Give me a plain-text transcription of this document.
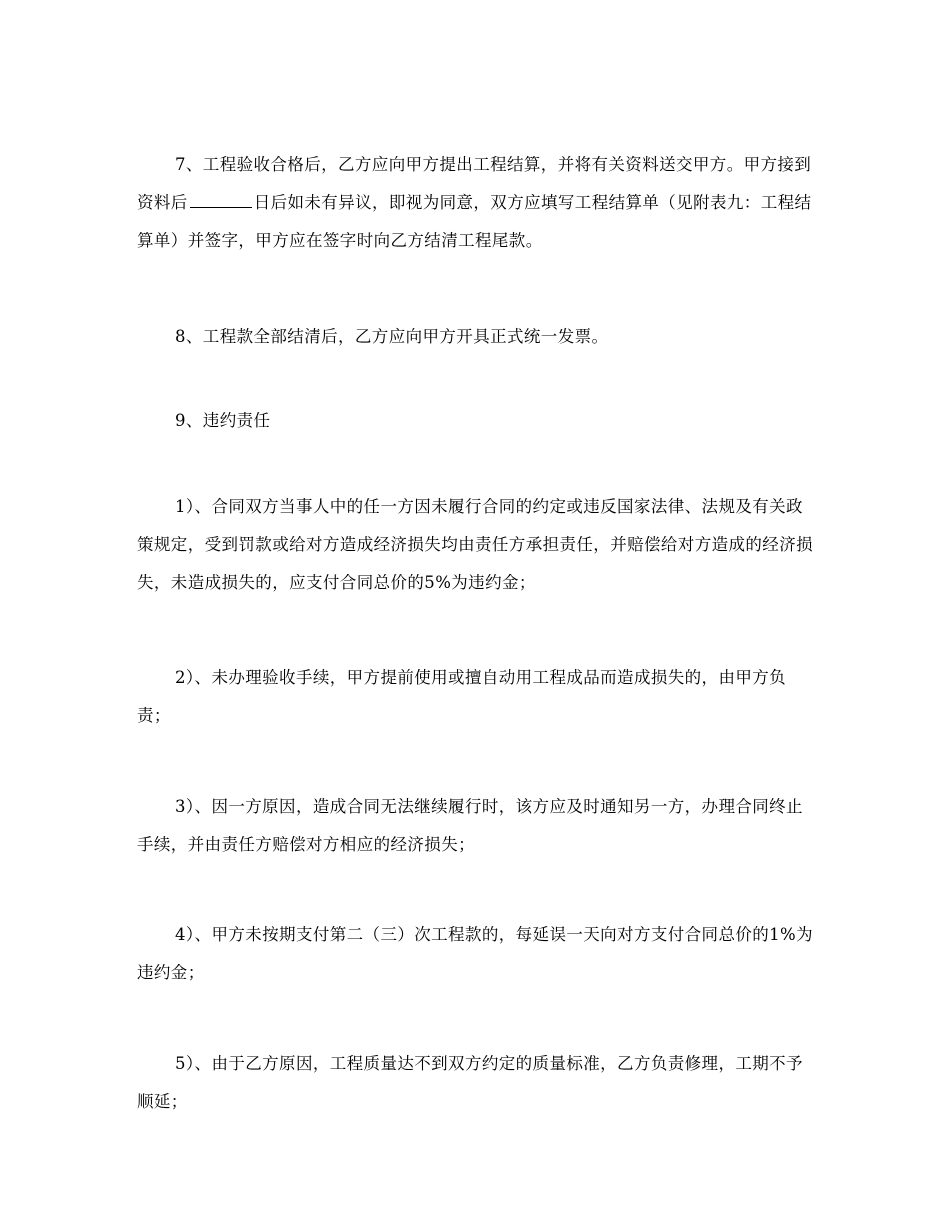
7、工程验收合格后，乙方应向甲方提出工程结算，并将有关资料送交甲方。甲方接到资料后	日后如未有异议，即视为同意，双方应填写工程结算单（见附表九：工程结算单）并签字，甲方应在签字时向乙方结清工程尾款。

8、工程款全部结清后，乙方应向甲方开具正式统一发票。

9、违约责任

1）、合同双方当事人中的任一方因未履行合同的约定或违反国家法律、法规及有关政策规定，受到罚款或给对方造成经济损失均由责任方承担责任，并赔偿给对方造成的经济损失，未造成损失的，应支付合同总价的5%为违约金；

2）、未办理验收手续，甲方提前使用或擅自动用工程成品而造成损失的，由甲方负责；

3）、因一方原因，造成合同无法继续履行时，该方应及时通知另一方，办理合同终止手续，并由责任方赔偿对方相应的经济损失；

4）、甲方未按期支付第二（三）次工程款的，每延误一天向对方支付合同总价的1%为违约金；

5）、由于乙方原因，工程质量达不到双方约定的质量标准，乙方负责修理，工期不予顺延；
